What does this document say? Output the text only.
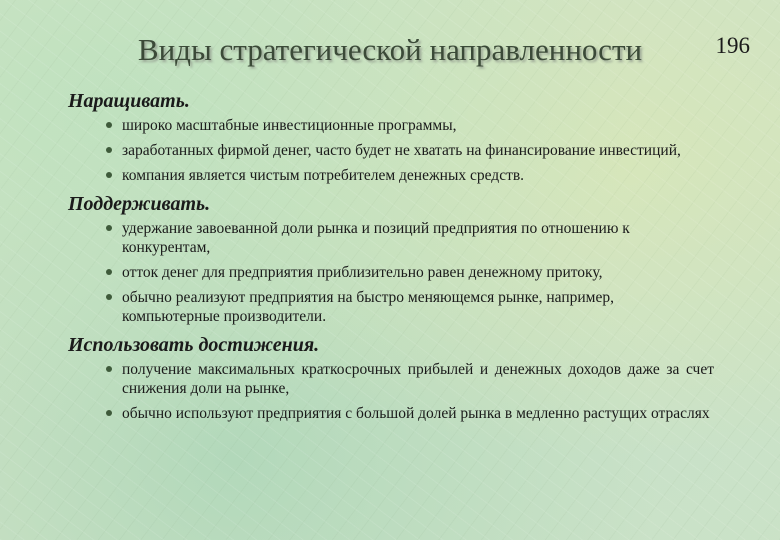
Виды стратегической направленности	196

Наращивать.

широко масштабные инвестиционные программы,
заработанных фирмой денег, часто будет не хватать на финансирование инвестиций,
компания является чистым потребителем денежных средств.

Поддерживать.

удержание завоеванной доли рынка и позиций предприятия по отношению к конкурентам,
отток денег для предприятия приблизительно равен денежному притоку,
обычно реализуют предприятия на быстро меняющемся рынке, например, компьютерные производители.

Использовать достижения.

получение максимальных краткосрочных прибылей и денежных доходов даже за счет снижения доли на рынке,
обычно используют предприятия с большой долей рынка в медленно растущих отраслях
